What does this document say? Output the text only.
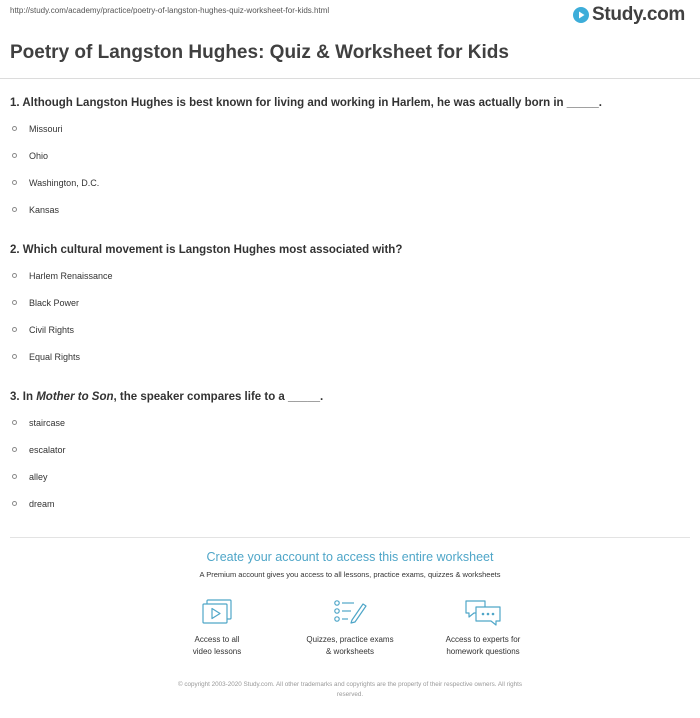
http://study.com/academy/practice/poetry-of-langston-hughes-quiz-worksheet-for-kids.html	Study.com
Poetry of Langston Hughes: Quiz & Worksheet for Kids

1. Although Langston Hughes is best known for living and working in Harlem, he was actually born in _____.

Missouri
Ohio
Washington, D.C.
Kansas

2. Which cultural movement is Langston Hughes most associated with?

Harlem Renaissance
Black Power
Civil Rights
Equal Rights

3. In Mother to Son, the speaker compares life to a _____.

staircase
escalator
alley
dream
Create your account to access this entire worksheet
A Premium account gives you access to all lessons, practice exams, quizzes & worksheets
Access to all
video lessons
Quizzes, practice exams
& worksheets
Access to experts for
homework questions
© copyright 2003-2020 Study.com. All other trademarks and copyrights are the property of their respective owners. All rights
reserved.
